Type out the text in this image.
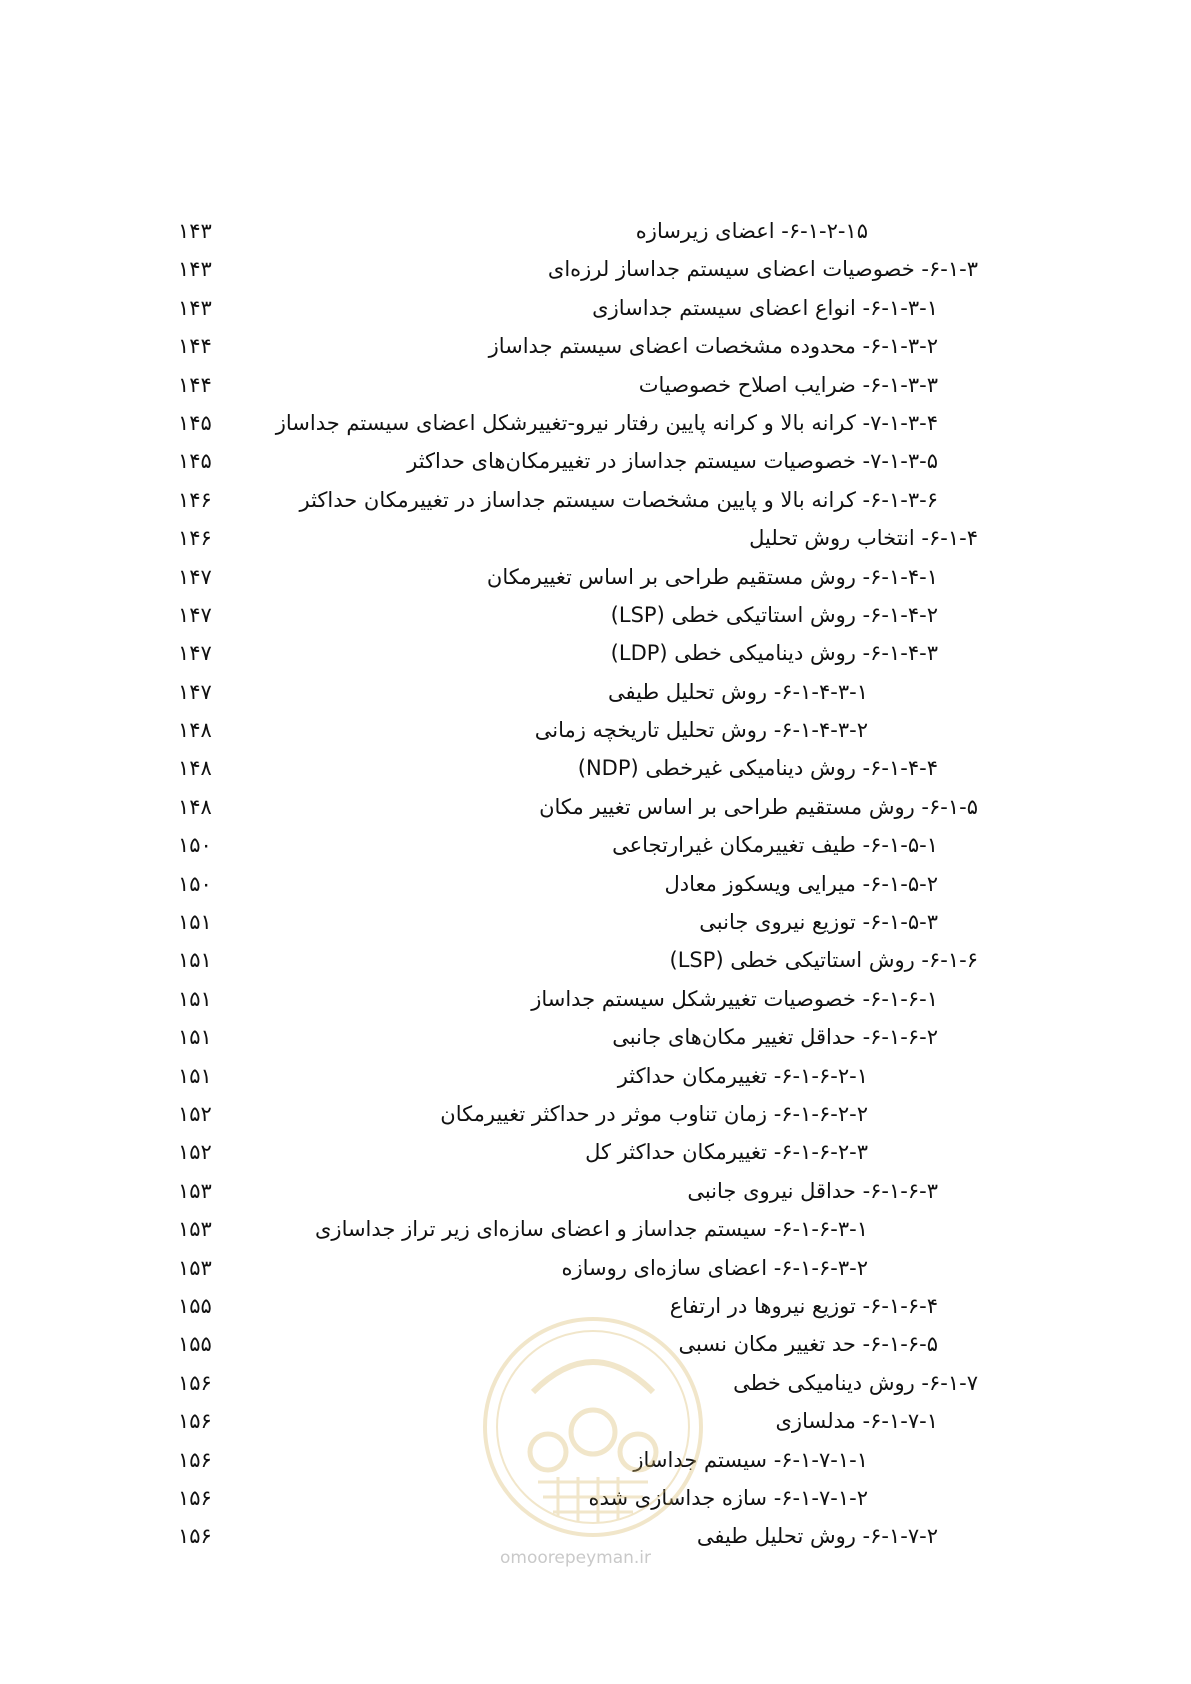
۶-۱-۲-۱۵- اعضای زیرسازه
۱۴۳
۶-۱-۳- خصوصیات اعضای سیستم جداساز لرزه‌ای
۱۴۳
۶-۱-۳-۱- انواع اعضای سیستم جداسازی
۱۴۳
۶-۱-۳-۲- محدوده مشخصات اعضای سیستم جداساز
۱۴۴
۶-۱-۳-۳- ضرایب اصلاح خصوصیات
۱۴۴
۷-۱-۳-۴- کرانه بالا و کرانه پایین رفتار نیرو-تغییرشکل اعضای سیستم جداساز
۱۴۵
۷-۱-۳-۵- خصوصیات سیستم جداساز در تغییرمکان‌های حداکثر
۱۴۵
۶-۱-۳-۶- کرانه بالا و پایین مشخصات سیستم جداساز در تغییرمکان حداکثر
۱۴۶
۶-۱-۴- انتخاب روش تحلیل
۱۴۶
۶-۱-۴-۱- روش مستقیم طراحی بر اساس تغییرمکان
۱۴۷
۶-۱-۴-۲- روش استاتیکی خطی (LSP)
۱۴۷
۶-۱-۴-۳- روش دینامیکی خطی (LDP)
۱۴۷
۶-۱-۴-۳-۱- روش تحلیل طیفی
۱۴۷
۶-۱-۴-۳-۲- روش تحلیل تاریخچه زمانی
۱۴۸
۶-۱-۴-۴- روش دینامیکی غیرخطی (NDP)
۱۴۸
۶-۱-۵- روش مستقیم طراحی بر اساس تغییر مکان
۱۴۸
۶-۱-۵-۱- طیف تغییرمکان غیرارتجاعی
۱۵۰
۶-۱-۵-۲- میرایی ویسکوز معادل
۱۵۰
۶-۱-۵-۳- توزیع نیروی جانبی
۱۵۱
۶-۱-۶- روش استاتیکی خطی (LSP)
۱۵۱
۶-۱-۶-۱- خصوصیات تغییرشکل سیستم جداساز
۱۵۱
۶-۱-۶-۲- حداقل تغییر مکان‌های جانبی
۱۵۱
۶-۱-۶-۲-۱- تغییرمکان حداکثر
۱۵۱
۶-۱-۶-۲-۲- زمان تناوب موثر در حداکثر تغییرمکان
۱۵۲
۶-۱-۶-۲-۳- تغییرمکان حداکثر کل
۱۵۲
۶-۱-۶-۳- حداقل نیروی جانبی
۱۵۳
۶-۱-۶-۳-۱- سیستم جداساز و اعضای سازه‌ای زیر تراز جداسازی
۱۵۳
۶-۱-۶-۳-۲- اعضای سازه‌ای روسازه
۱۵۳
۶-۱-۶-۴- توزیع نیروها در ارتفاع
۱۵۵
۶-۱-۶-۵- حد تغییر مکان نسبی
۱۵۵
۶-۱-۷- روش دینامیکی خطی
۱۵۶
۶-۱-۷-۱- مدلسازی
۱۵۶
۶-۱-۷-۱-۱- سیستم جداساز
۱۵۶
۶-۱-۷-۱-۲- سازه جداسازی شده
۱۵۶
۶-۱-۷-۲- روش تحلیل طیفی
۱۵۶
omoorepeyman.ir
